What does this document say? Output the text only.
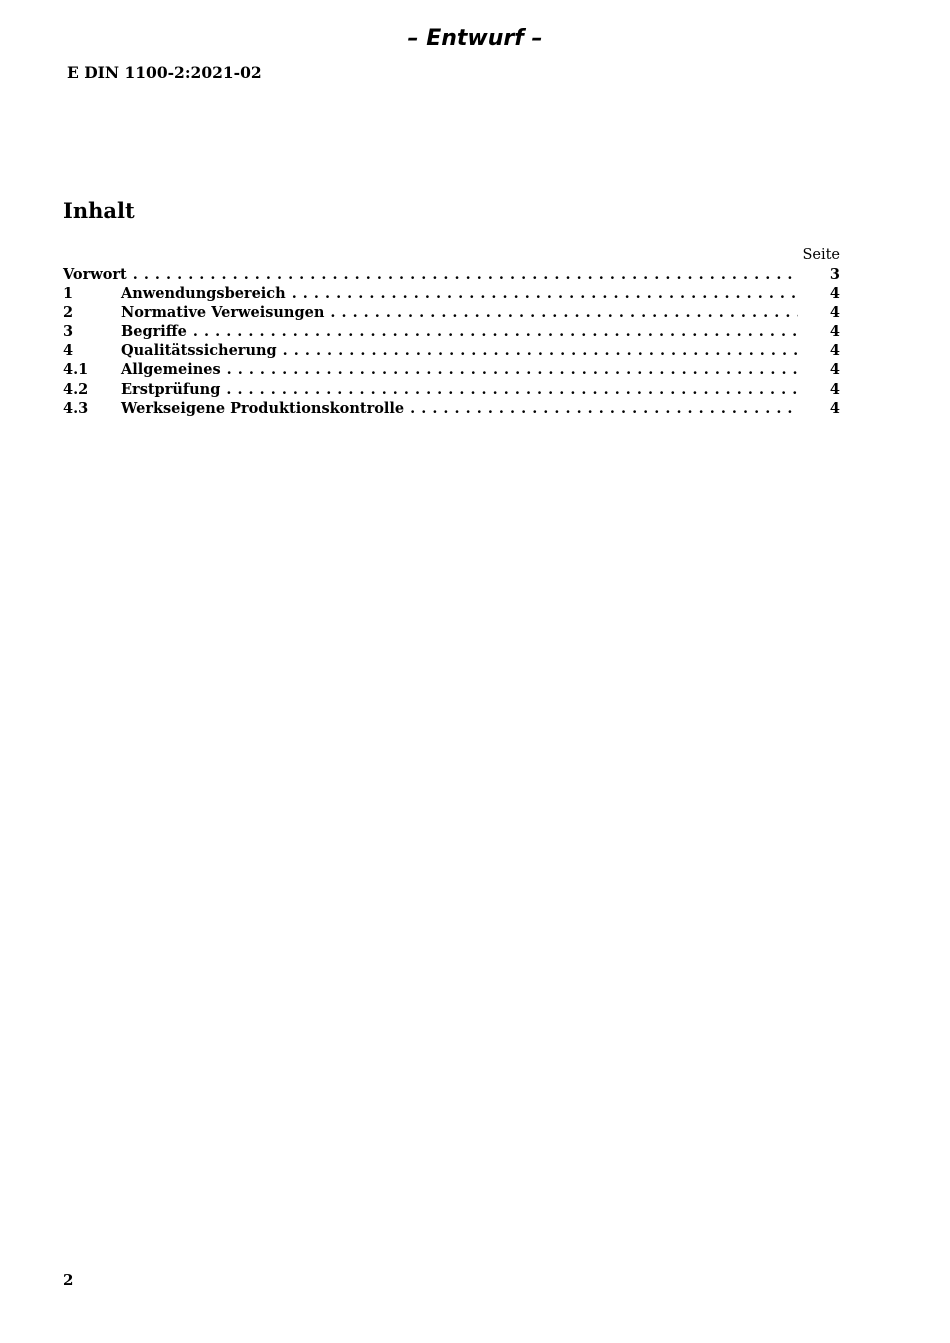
– Entwurf –
E DIN 1100-2:2021-02
Inhalt
Seite
Vorwort . . .	3
1	Anwendungsbereich . . .	4
2	Normative Verweisungen . . .	4
3	Begriffe . . .	4
4	Qualitätssicherung . . .	4
4.1	Allgemeines . . .	4
4.2	Erstprüfung . . .	4
4.3	Werkseigene Produktionskontrolle . . .	4
2
